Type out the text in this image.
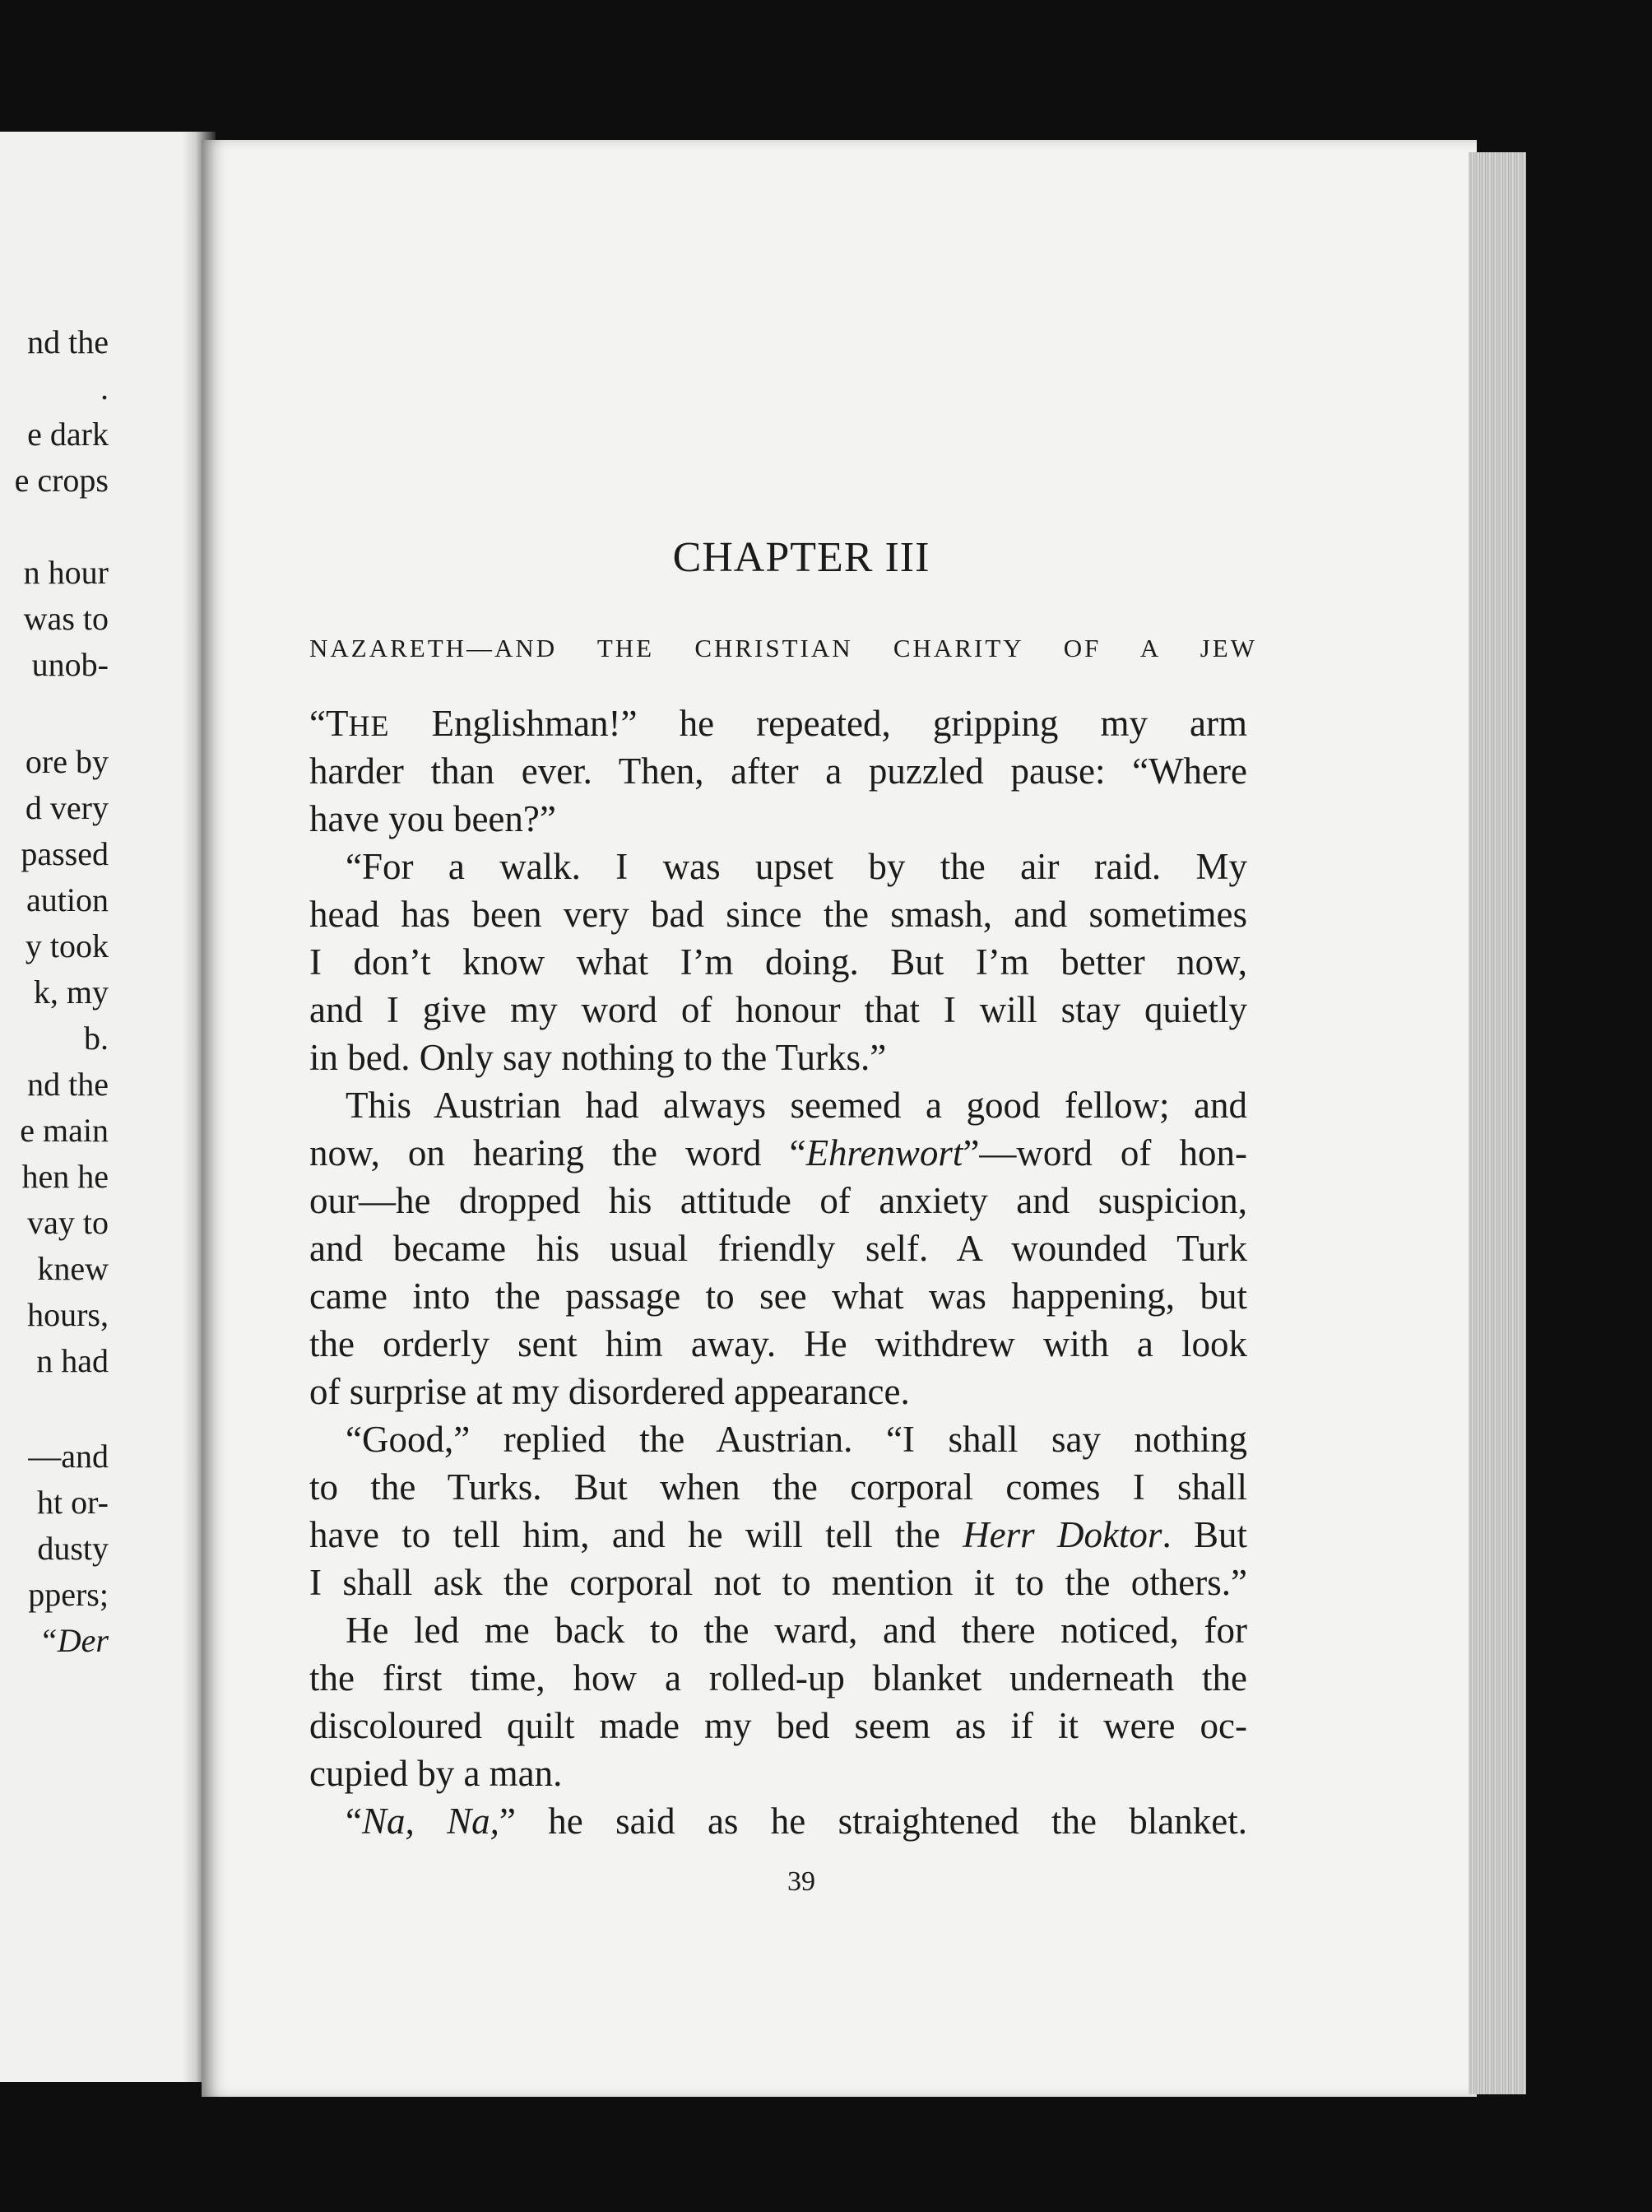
nd the
.
e dark
e crops
n hour
was to
unob-
ore by
d very
passed
aution
y took
k, my
b.
nd the
e main
hen he
vay to
knew
hours,
n had
—and
ht or-
dusty
ppers;
“Der
CHAPTER III
NAZARETH—AND THE CHRISTIAN CHARITY OF A JEW
“THE Englishman!” he repeated, gripping my arm
harder than ever. Then, after a puzzled pause: “Where
have you been?”
“For a walk. I was upset by the air raid. My
head has been very bad since the smash, and sometimes
I don’t know what I’m doing. But I’m better now,
and I give my word of honour that I will stay quietly
in bed. Only say nothing to the Turks.”
This Austrian had always seemed a good fellow; and
now, on hearing the word “Ehrenwort”—word of hon-
our—he dropped his attitude of anxiety and suspicion,
and became his usual friendly self. A wounded Turk
came into the passage to see what was happening, but
the orderly sent him away. He withdrew with a look
of surprise at my disordered appearance.
“Good,” replied the Austrian. “I shall say nothing
to the Turks. But when the corporal comes I shall
have to tell him, and he will tell the Herr Doktor. But
I shall ask the corporal not to mention it to the others.”
He led me back to the ward, and there noticed, for
the first time, how a rolled-up blanket underneath the
discoloured quilt made my bed seem as if it were oc-
cupied by a man.
“Na, Na,” he said as he straightened the blanket.
39
